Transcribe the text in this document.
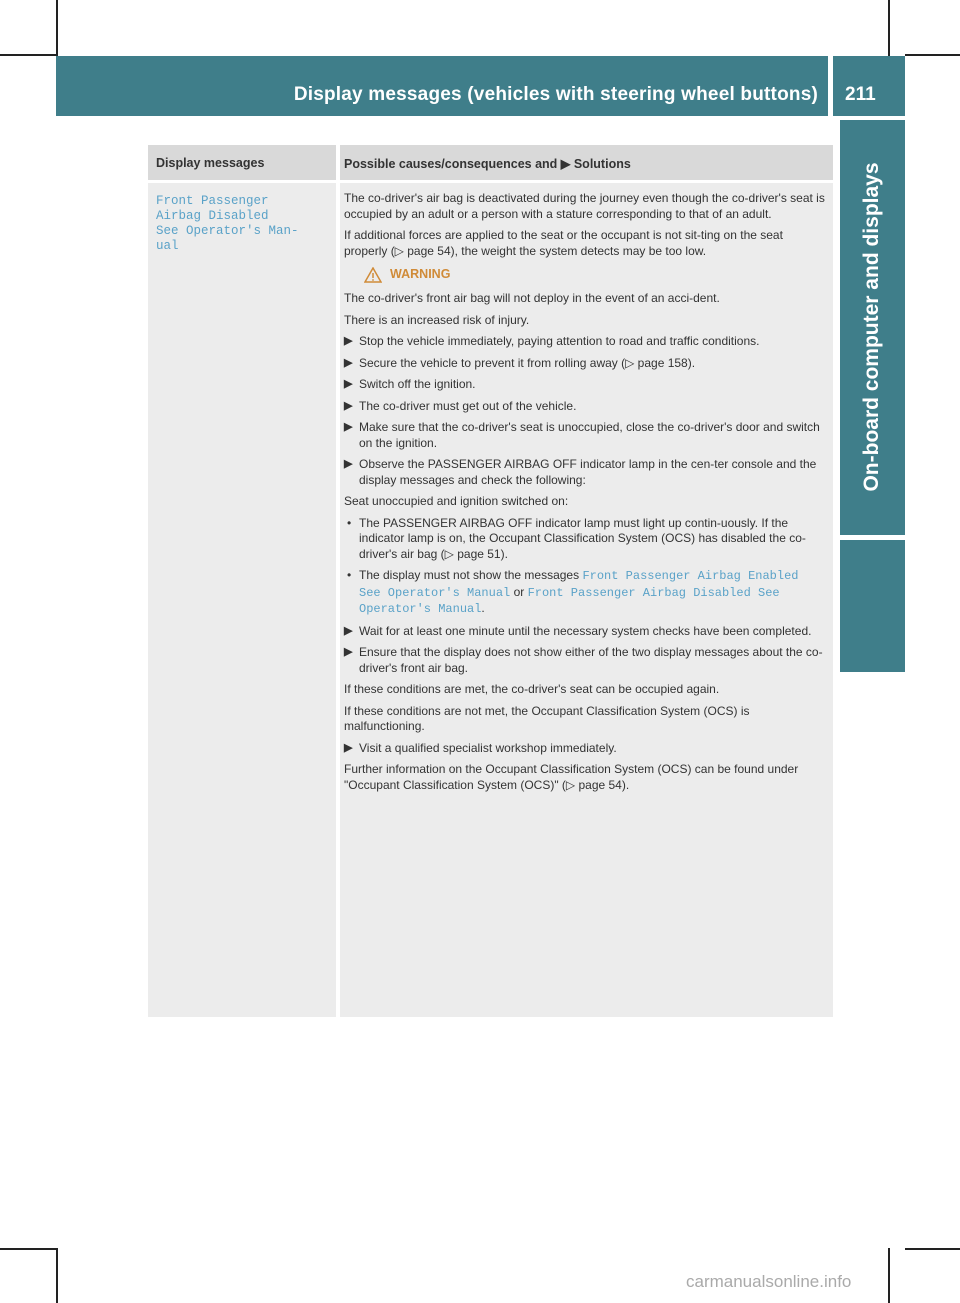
Display messages (vehicles with steering wheel buttons) 211
On-board computer and displays
Display messages	Possible causes/consequences and ▶ Solutions
Front Passenger
Airbag Disabled
See Operator's Man-
ual

The co-driver's air bag is deactivated during the journey even though the co-driver's seat is occupied by an adult or a person with a stature corresponding to that of an adult.

If additional forces are applied to the seat or the occupant is not sit-ting on the seat properly (▷ page 54), the weight the system detects may be too low.

WARNING

The co-driver's front air bag will not deploy in the event of an acci-dent.

There is an increased risk of injury.

▶ Stop the vehicle immediately, paying attention to road and traffic conditions.
▶ Secure the vehicle to prevent it from rolling away (▷ page 158).
▶ Switch off the ignition.
▶ The co-driver must get out of the vehicle.
▶ Make sure that the co-driver's seat is unoccupied, close the co-driver's door and switch on the ignition.
▶ Observe the PASSENGER AIRBAG OFF indicator lamp in the cen-ter console and the display messages and check the following:

Seat unoccupied and ignition switched on:

• The PASSENGER AIRBAG OFF indicator lamp must light up contin-uously. If the indicator lamp is on, the Occupant Classification System (OCS) has disabled the co-driver's air bag (▷ page 51).
• The display must not show the messages Front Passenger Airbag Enabled See Operator's Manual or Front Passenger Airbag Disabled See Operator's Manual.
▶ Wait for at least one minute until the necessary system checks have been completed.
▶ Ensure that the display does not show either of the two display messages about the co-driver's front air bag.

If these conditions are met, the co-driver's seat can be occupied again.

If these conditions are not met, the Occupant Classification System (OCS) is malfunctioning.

▶ Visit a qualified specialist workshop immediately.

Further information on the Occupant Classification System (OCS) can be found under "Occupant Classification System (OCS)" (▷ page 54).

carmanualsonline.info
